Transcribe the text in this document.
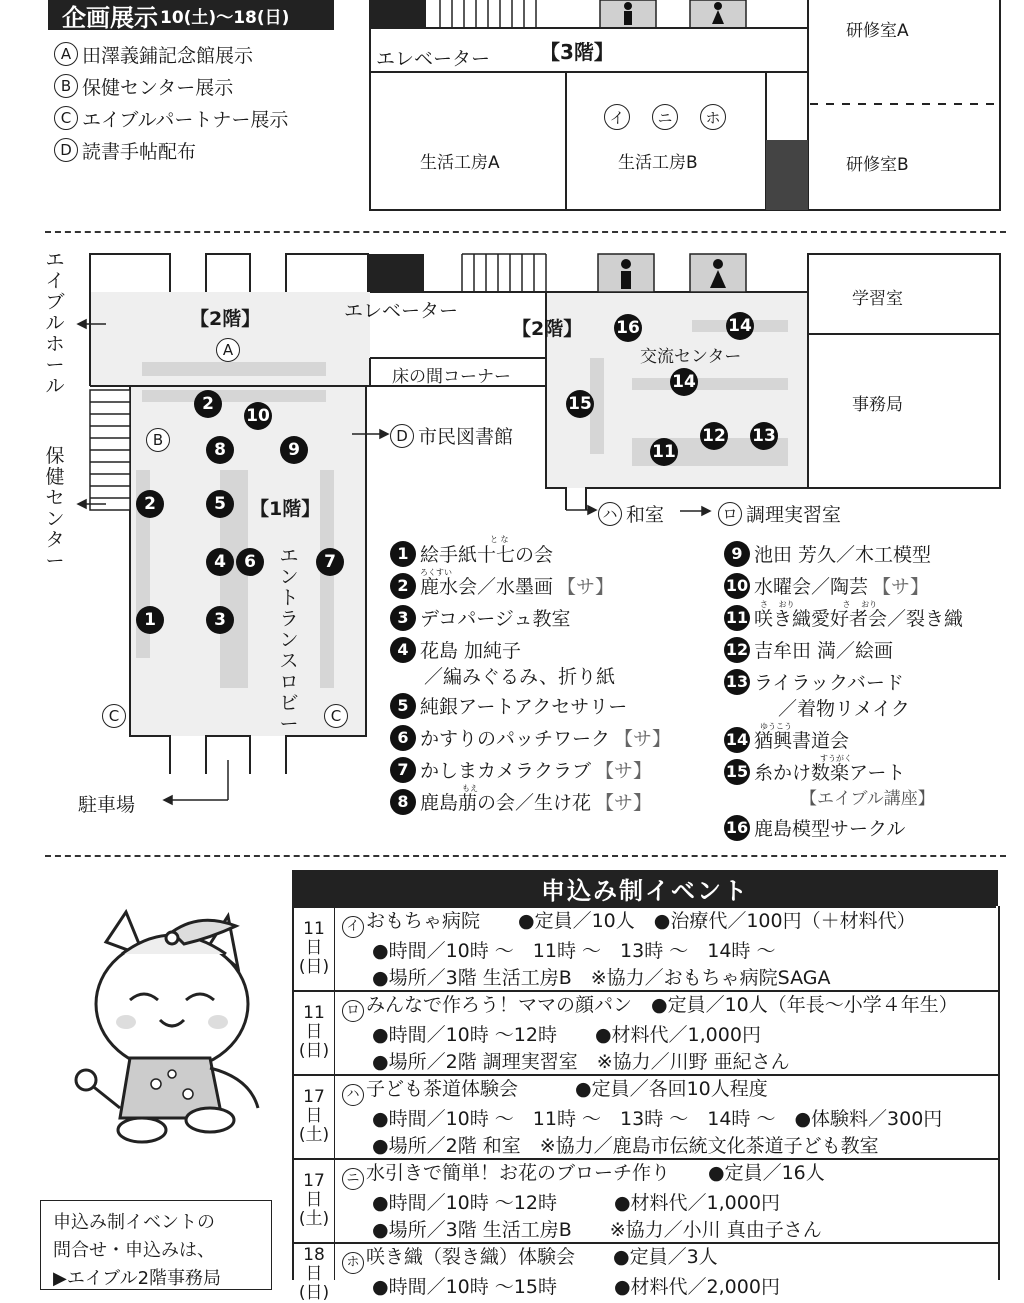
企画展示 10(土)～18(日)
A 田澤義鋪記念館展示
B 保健センター展示
C エイブルパートナー展示
D 読書手帖配布
エレベーター 【3階】
生活工房A	生活工房B
研修室A
研修室B
イ	ニ	ホ
エイブルホール
保健センター
エレベーター
【2階】	【2階】
【1階】
床の間コーナー
D 市民図書館
交流センター
学習室
事務局
ハ 和室	ロ 調理実習室
エントランスロビー
駐車場
A
B
C	C
2
10
8	9
2	5
4	6	7
1	3
16	14
14
15
11
12 13
1 絵手紙十七の会
2 鹿水会／水墨画 【サ】
3 デコパージュ教室
4 花島 加純子
／編みぐるみ、折り紙
5 純銀アートアクセサリー
6 かすりのパッチワーク 【サ】
7 かしまカメラクラブ 【サ】
8 鹿島萠の会／生け花 【サ】
9 池田 芳久／木工模型
10 水曜会／陶芸 【サ】
11 咲き織愛好者会／裂き織
12 吉牟田 満／絵画
13 ライラックバード
／着物リメイク
14 猶興書道会
15 糸かけ数楽アート
【エイブル講座】
16 鹿島模型サークル
と な
ろくすい
もえ
さ　 おり　　　　　　さ　 おり
ゆうこう
すうがく
申込み制イベント
11
日
(日)
イ おもちゃ病院　　●定員／10人　●治療代／100円（＋材料代）
●時間／10時 ～　11時 ～　13時 ～　14時 ～
●場所／3階 生活工房B　※協力／おもちゃ病院SAGA
11
日
(日)
ロ みんなで作ろう！ママの顔パン　●定員／10人（年長～小学４年生）
●時間／10時 ～12時　　●材料代／1,000円
●場所／2階 調理実習室　※協力／川野 亜紀さん
17
日
(土)
ハ 子ども茶道体験会　　　●定員／各回10人程度
●時間／10時 ～　11時 ～　13時 ～　14時 ～　●体験料／300円
●場所／2階 和室　※協力／鹿島市伝統文化茶道子ども教室
17
日
(土)
ニ 水引きで簡単！お花のブローチ作り　　●定員／16人
●時間／10時 ～12時　　　●材料代／1,000円
●場所／3階 生活工房B　　※協力／小川 真由子さん
18
日
(日)
ホ 咲き織（裂き織）体験会　　●定員／3人
●時間／10時 ～15時　　　●材料代／2,000円
申込み制イベントの
問合せ・申込みは、
▶エイブル2階事務局
